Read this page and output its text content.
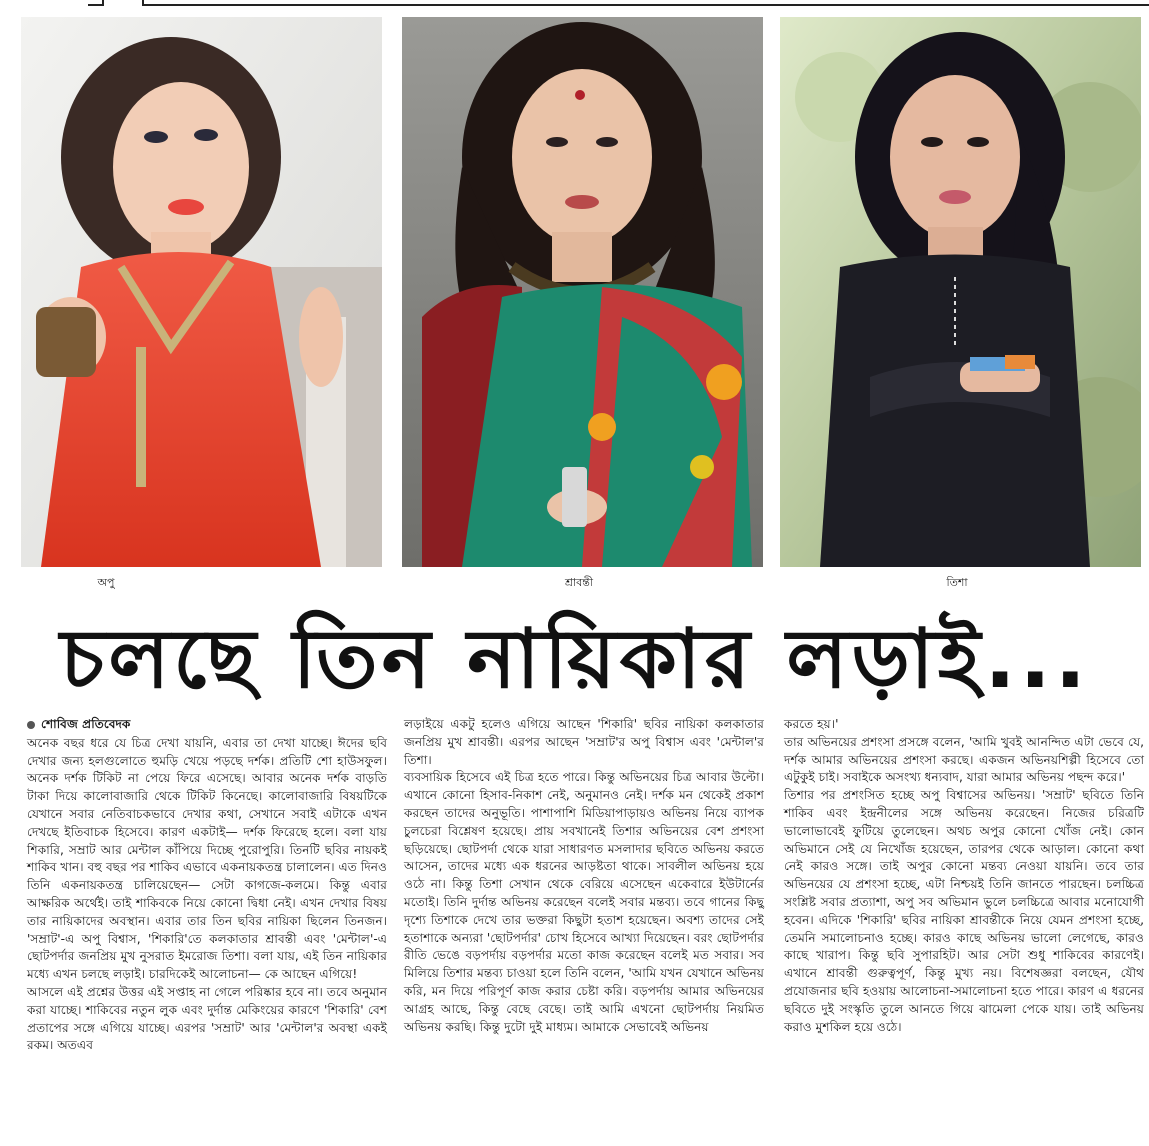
অপু	শ্রাবন্তী	তিশা
চলছে তিন নায়িকার লড়াই...
শোবিজ প্রতিবেদক

অনেক বছর ধরে যে চিত্র দেখা যায়নি, এবার তা দেখা যাচ্ছে। ঈদের ছবি দেখার জন্য হলগুলোতে হুমড়ি খেয়ে পড়ছে দর্শক। প্রতিটি শো হাউসফুল। অনেক দর্শক টিকিট না পেয়ে ফিরে এসেছে। আবার অনেক দর্শক বাড়তি টাকা দিয়ে কালোবাজারি থেকে টিকিট কিনেছে। কালোবাজারি বিষয়টিকে যেখানে সবার নেতিবাচকভাবে দেখার কথা, সেখানে সবাই এটাকে এখন দেখছে ইতিবাচক হিসেবে। কারণ একটাই— দর্শক ফিরেছে হলে। বলা যায় শিকারি, সম্রাট আর মেন্টাল কাঁপিয়ে দিচ্ছে পুরোপুরি। তিনটি ছবির নায়কই শাকিব খান। বহু বছর পর শাকিব এভাবে একনায়কতন্ত্র চালালেন। এত দিনও তিনি একনায়কতন্ত্র চালিয়েছেন— সেটা কাগজে-কলমে। কিন্তু এবার আক্ষরিক অর্থেই। তাই শাকিবকে নিয়ে কোনো দ্বিধা নেই। এখন দেখার বিষয় তার নায়িকাদের অবস্থান। এবার তার তিন ছবির নায়িকা ছিলেন তিনজন। 'সম্রাট'-এ অপু বিশ্বাস, 'শিকারি'তে কলকাতার শ্রাবন্তী এবং 'মেন্টাল'-এ ছোটপর্দার জনপ্রিয় মুখ নুসরাত ইমরোজ তিশা। বলা যায়, এই তিন নায়িকার মধ্যে এখন চলছে লড়াই। চারদিকেই আলোচনা— কে আছেন এগিয়ে!

আসলে এই প্রশ্নের উত্তর এই সপ্তাহ না গেলে পরিষ্কার হবে না। তবে অনুমান করা যাচ্ছে। শাকিবের নতুন লুক এবং দুর্দান্ত মেকিংয়ের কারণে 'শিকারি' বেশ প্রতাপের সঙ্গে এগিয়ে যাচ্ছে। এরপর 'সম্রাট' আর 'মেন্টাল'র অবস্থা একই রকম। অতএব

লড়াইয়ে একটু হলেও এগিয়ে আছেন 'শিকারি' ছবির নায়িকা কলকাতার জনপ্রিয় মুখ শ্রাবন্তী। এরপর আছেন 'সম্রাট'র অপু বিশ্বাস এবং 'মেন্টাল'র তিশা।

ব্যবসায়িক হিসেবে এই চিত্র হতে পারে। কিন্তু অভিনয়ের চিত্র আবার উল্টো। এখানে কোনো হিসাব-নিকাশ নেই, অনুমানও নেই। দর্শক মন থেকেই প্রকাশ করছেন তাদের অনুভূতি। পাশাপাশি মিডিয়াপাড়ায়ও অভিনয় নিয়ে ব্যাপক চুলচেরা বিশ্লেষণ হয়েছে। প্রায় সবখানেই তিশার অভিনয়ের বেশ প্রশংসা ছড়িয়েছে। ছোটপর্দা থেকে যারা সাধারণত মসলাদার ছবিতে অভিনয় করতে আসেন, তাদের মধ্যে এক ধরনের আড়ষ্টতা থাকে। সাবলীল অভিনয় হয়ে ওঠে না। কিন্তু তিশা সেখান থেকে বেরিয়ে এসেছেন একেবারে ইউটার্নের মতোই। তিনি দুর্দান্ত অভিনয় করেছেন বলেই সবার মন্তব্য। তবে গানের কিছু দৃশ্যে তিশাকে দেখে তার ভক্তরা কিছুটা হতাশ হয়েছেন। অবশ্য তাদের সেই হতাশাকে অন্যরা 'ছোটপর্দার' চোখ হিসেবে আখ্যা দিয়েছেন। বরং ছোটপর্দার রীতি ভেঙে বড়পর্দায় বড়পর্দার মতো কাজ করেছেন বলেই মত সবার। সব মিলিয়ে তিশার মন্তব্য চাওয়া হলে তিনি বলেন, 'আমি যখন যেখানে অভিনয় করি, মন দিয়ে পরিপূর্ণ কাজ করার চেষ্টা করি। বড়পর্দায় আমার অভিনয়ের আগ্রহ আছে, কিন্তু বেছে বেছে। তাই আমি এখনো ছোটপর্দায় নিয়মিত অভিনয় করছি। কিন্তু দুটো দুই মাধ্যম। আমাকে সেভাবেই অভিনয়

করতে হয়।'

তার অভিনয়ের প্রশংসা প্রসঙ্গে বলেন, 'আমি খুবই আনন্দিত এটা ভেবে যে, দর্শক আমার অভিনয়ের প্রশংসা করছে। একজন অভিনয়শিল্পী হিসেবে তো এটুকুই চাই। সবাইকে অসংখ্য ধন্যবাদ, যারা আমার অভিনয় পছন্দ করে।'

তিশার পর প্রশংসিত হচ্ছে অপু বিশ্বাসের অভিনয়। 'সম্রাট' ছবিতে তিনি শাকিব এবং ইন্দ্রনীলের সঙ্গে অভিনয় করেছেন। নিজের চরিত্রটি ভালোভাবেই ফুটিয়ে তুলেছেন। অথচ অপুর কোনো খোঁজ নেই। কোন অভিমানে সেই যে নিখোঁজ হয়েছেন, তারপর থেকে আড়াল। কোনো কথা নেই কারও সঙ্গে। তাই অপুর কোনো মন্তব্য নেওয়া যায়নি। তবে তার অভিনয়ের যে প্রশংসা হচ্ছে, এটা নিশ্চয়ই তিনি জানতে পারছেন। চলচ্চিত্র সংশ্লিষ্ট সবার প্রত্যাশা, অপু সব অভিমান ভুলে চলচ্চিত্রে আবার মনোযোগী হবেন। এদিকে 'শিকারি' ছবির নায়িকা শ্রাবন্তীকে নিয়ে যেমন প্রশংসা হচ্ছে, তেমনি সমালোচনাও হচ্ছে। কারও কাছে অভিনয় ভালো লেগেছে, কারও কাছে খারাপ। কিন্তু ছবি সুপারহিট। আর সেটা শুধু শাকিবের কারণেই। এখানে শ্রাবন্তী গুরুত্বপূর্ণ, কিন্তু মুখ্য নয়। বিশেষজ্ঞরা বলছেন, যৌথ প্রযোজনার ছবি হওয়ায় আলোচনা-সমালোচনা হতে পারে। কারণ এ ধরনের ছবিতে দুই সংস্কৃতি তুলে আনতে গিয়ে ঝামেলা পেকে যায়। তাই অভিনয় করাও মুশকিল হয়ে ওঠে।
